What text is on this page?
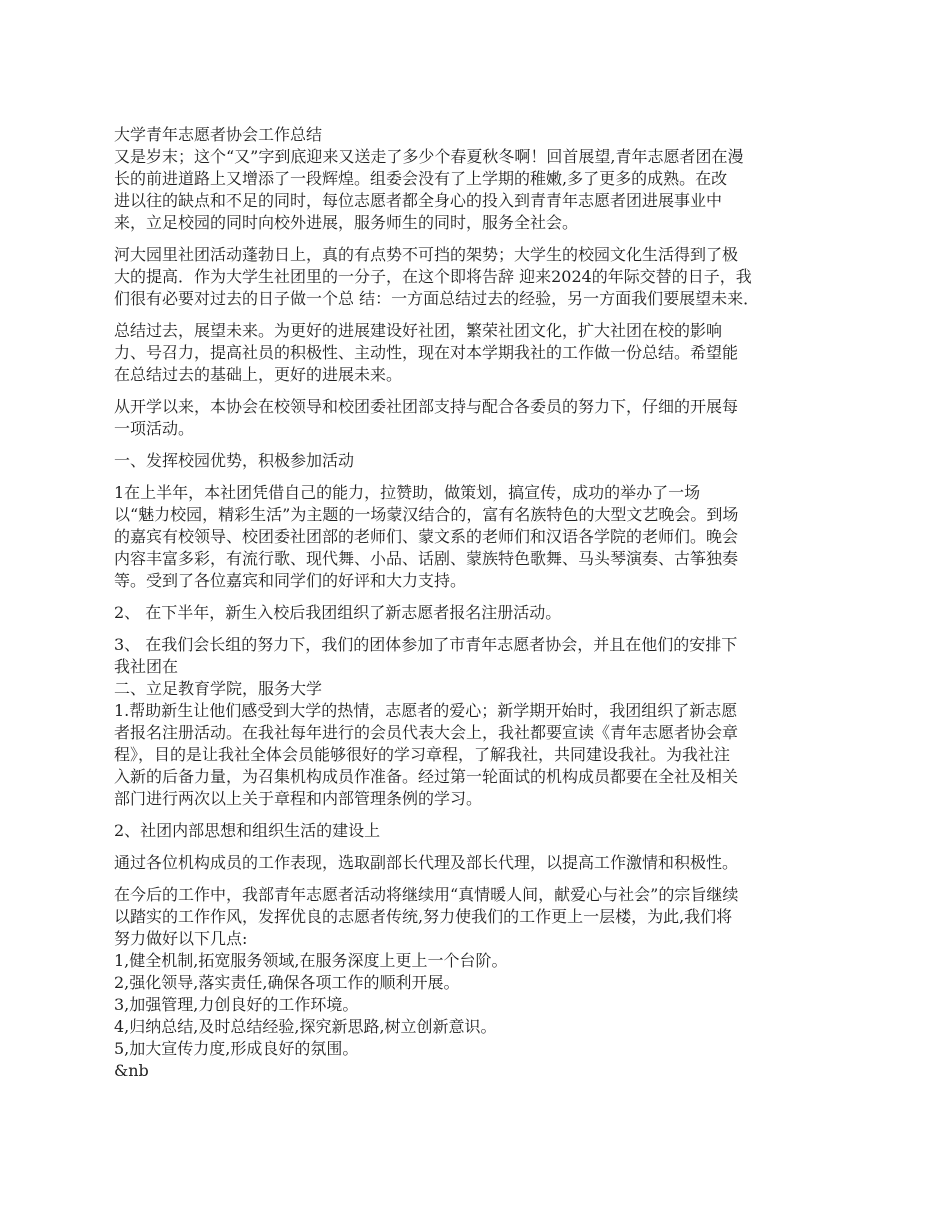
大学青年志愿者协会工作总结

又是岁末；这个“又”字到底迎来又送走了多少个春夏秋冬啊！回首展望,青年志愿者团在漫
长的前进道路上又增添了一段辉煌。组委会没有了上学期的稚嫩,多了更多的成熟。在改
进以往的缺点和不足的同时，每位志愿者都全身心的投入到青青年志愿者团进展事业中
来，立足校园的同时向校外进展，服务师生的同时，服务全社会。

河大园里社团活动蓬勃日上，真的有点势不可挡的架势；大学生的校园文化生活得到了极
大的提高．作为大学生社团里的一分子，在这个即将告辞 迎来2024的年际交替的日子，我
们很有必要对过去的日子做一个总 结：一方面总结过去的经验，另一方面我们要展望未来．

总结过去，展望未来。为更好的进展建设好社团，繁荣社团文化，扩大社团在校的影响
力、号召力，提高社员的积极性、主动性，现在对本学期我社的工作做一份总结。希望能
在总结过去的基础上，更好的进展未来。

从开学以来，本协会在校领导和校团委社团部支持与配合各委员的努力下，仔细的开展每
一项活动。

一、发挥校园优势，积极参加活动

1在上半年，本社团凭借自己的能力，拉赞助，做策划，搞宣传，成功的举办了一场
以“魅力校园，精彩生活”为主题的一场蒙汉结合的，富有名族特色的大型文艺晚会。到场
的嘉宾有校领导、校团委社团部的老师们、蒙文系的老师们和汉语各学院的老师们。晚会
内容丰富多彩，有流行歌、现代舞、小品、话剧、蒙族特色歌舞、马头琴演奏、古筝独奏
等。受到了各位嘉宾和同学们的好评和大力支持。

2、 在下半年，新生入校后我团组织了新志愿者报名注册活动。

3、 在我们会长组的努力下，我们的团体参加了市青年志愿者协会，并且在他们的安排下
我社团在

二、立足教育学院，服务大学

1.帮助新生让他们感受到大学的热情，志愿者的爱心；新学期开始时，我团组织了新志愿
者报名注册活动。在我社每年进行的会员代表大会上，我社都要宣读《青年志愿者协会章
程》，目的是让我社全体会员能够很好的学习章程，了解我社，共同建设我社。为我社注
入新的后备力量，为召集机构成员作准备。经过第一轮面试的机构成员都要在全社及相关
部门进行两次以上关于章程和内部管理条例的学习。

2、社团内部思想和组织生活的建设上

通过各位机构成员的工作表现，选取副部长代理及部长代理，以提高工作激情和积极性。

在今后的工作中，我部青年志愿者活动将继续用“真情暖人间，献爱心与社会”的宗旨继续
以踏实的工作作风，发挥优良的志愿者传统,努力使我们的工作更上一层楼，为此,我们将
努力做好以下几点:

1,健全机制,拓宽服务领域,在服务深度上更上一个台阶。

2,强化领导,落实责任,确保各项工作的顺利开展。

3,加强管理,力创良好的工作环境。

4,归纳总结,及时总结经验,探究新思路,树立创新意识。

5,加大宣传力度,形成良好的氛围。

&nb
